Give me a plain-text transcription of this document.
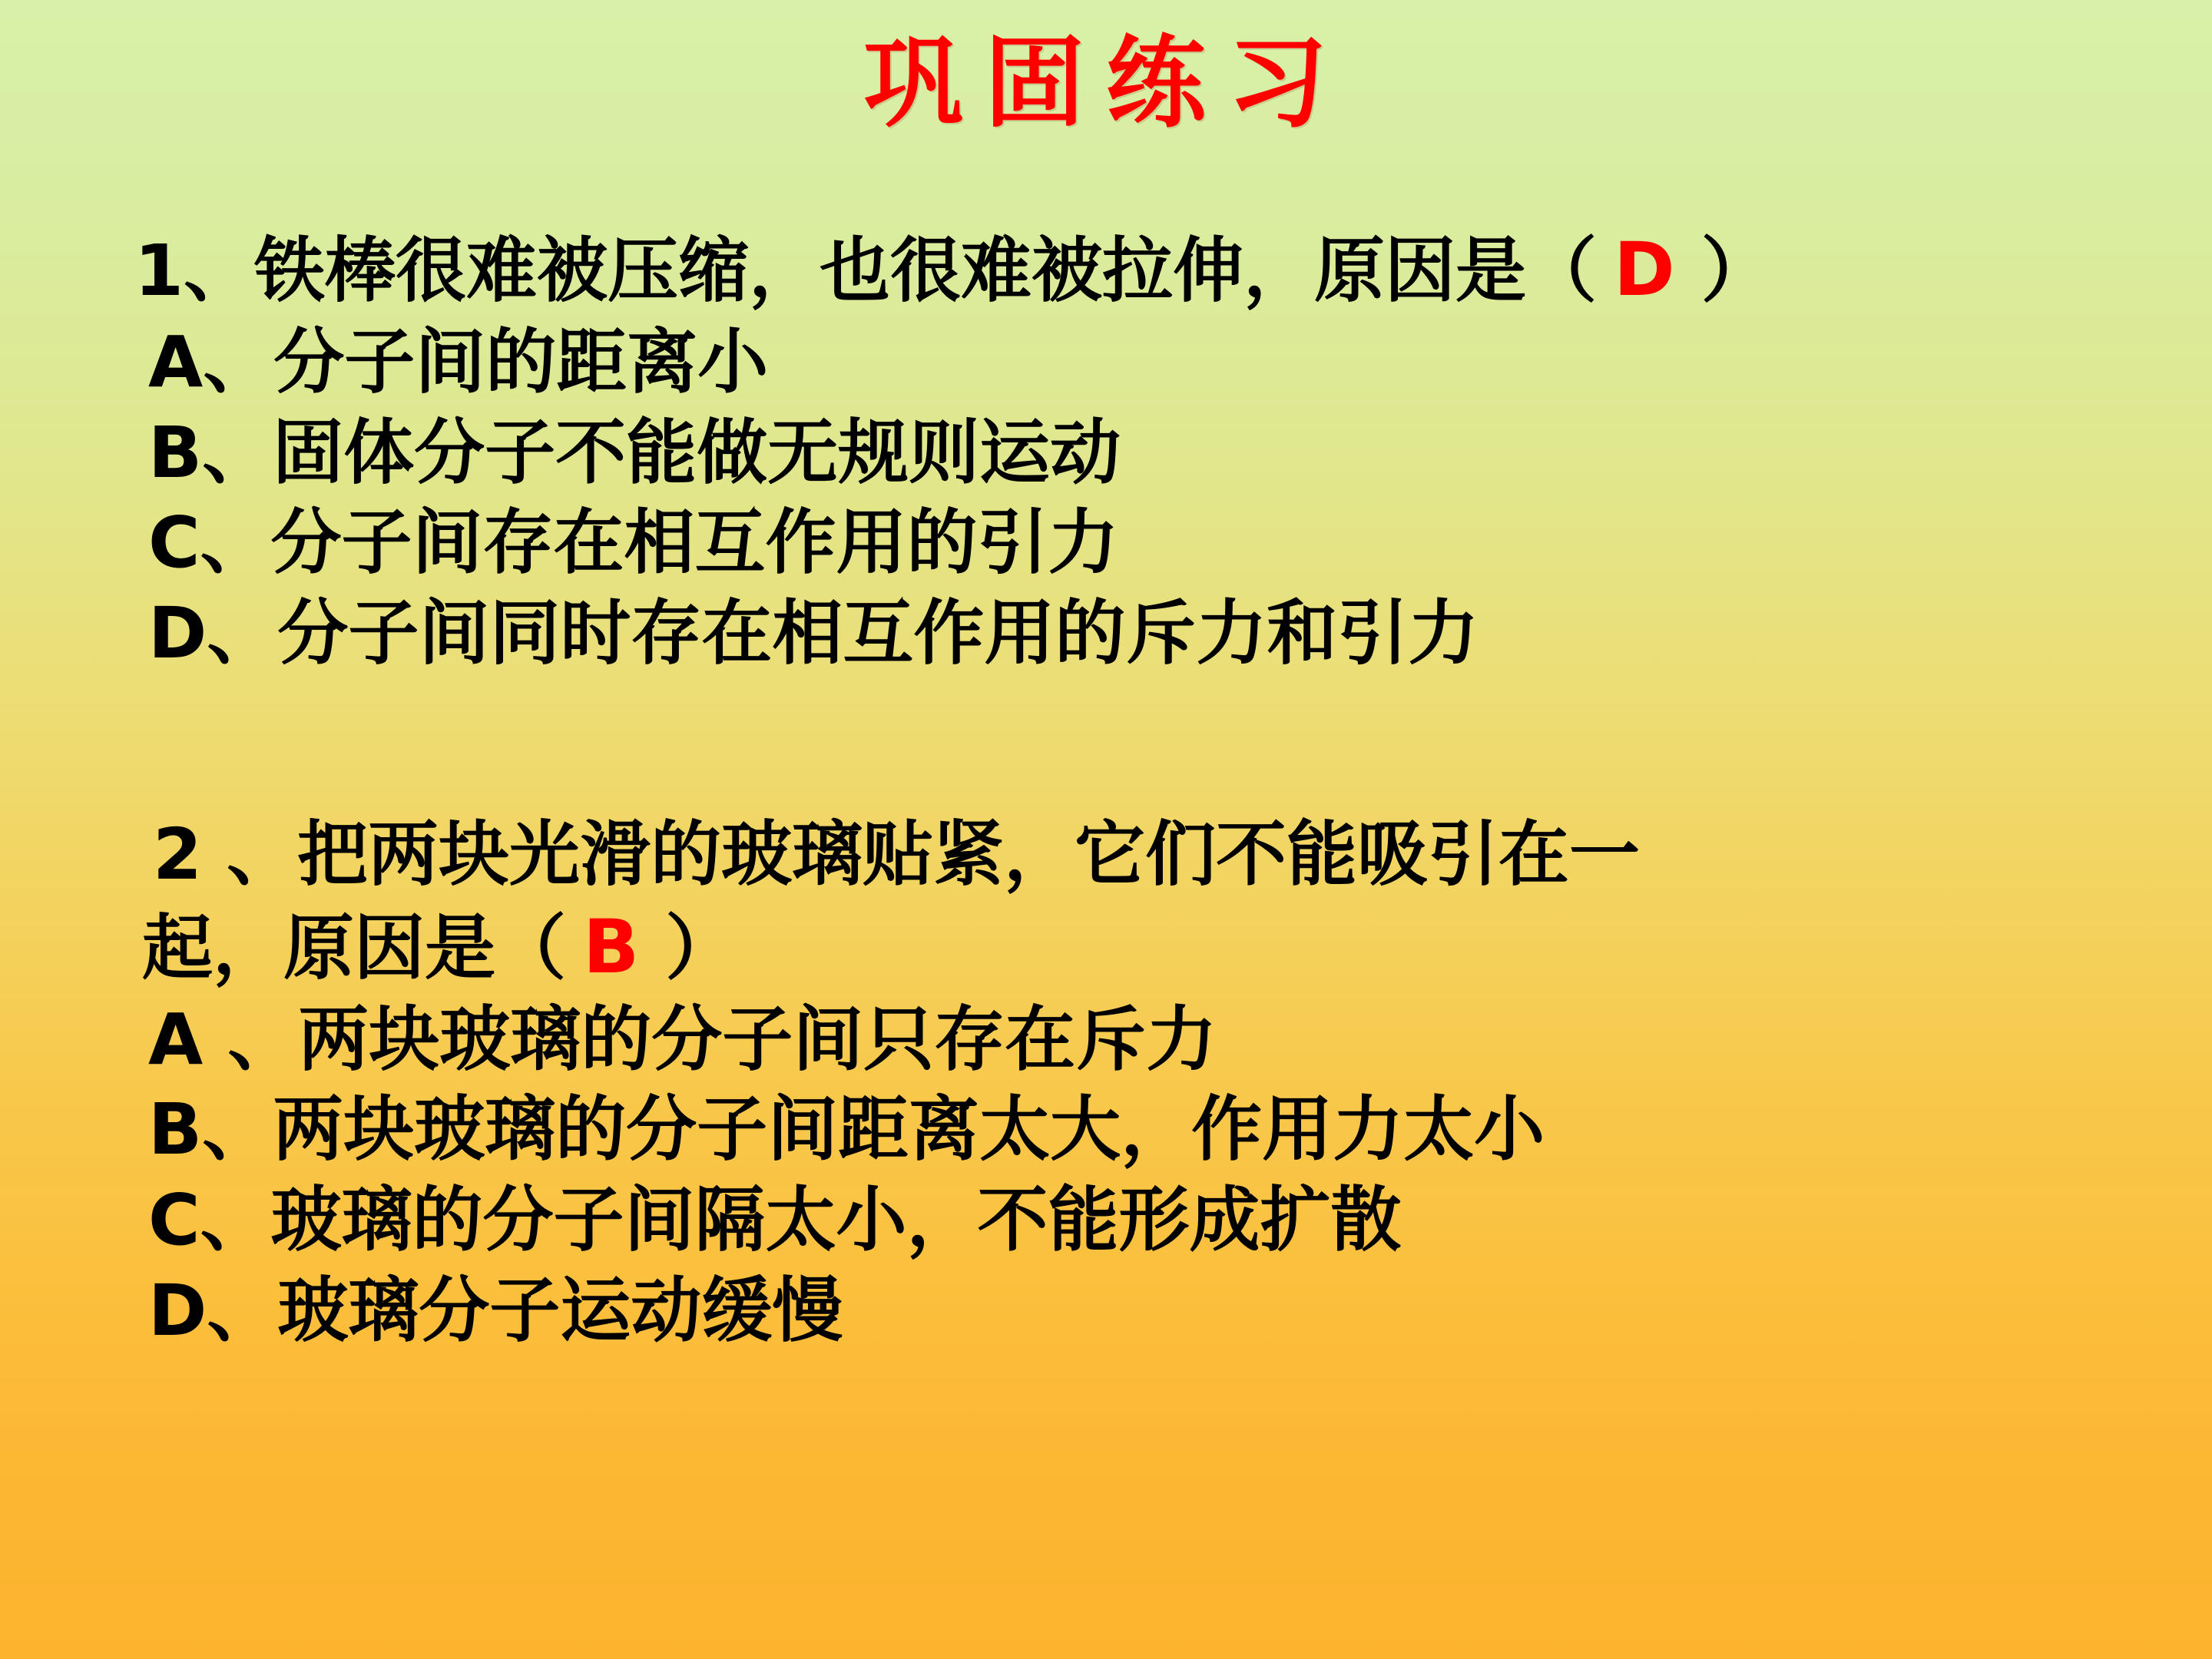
巩固练习
1、铁棒很难被压缩，也很难被拉伸，原因是（ D ）
A、分子间的距离小
B、固体分子不能做无规则运动
C、分子间存在相互作用的引力
D、分子间同时存在相互作用的斥力和引力
2 、把两块光滑的玻璃贴紧，它们不能吸引在一
起，原因是（ B ）
A 、两块玻璃的分子间只存在斥力
B、两块玻璃的分子间距离太大，作用力太小
C、玻璃的分子间隔太小，不能形成扩散
D、玻璃分子运动缓慢
